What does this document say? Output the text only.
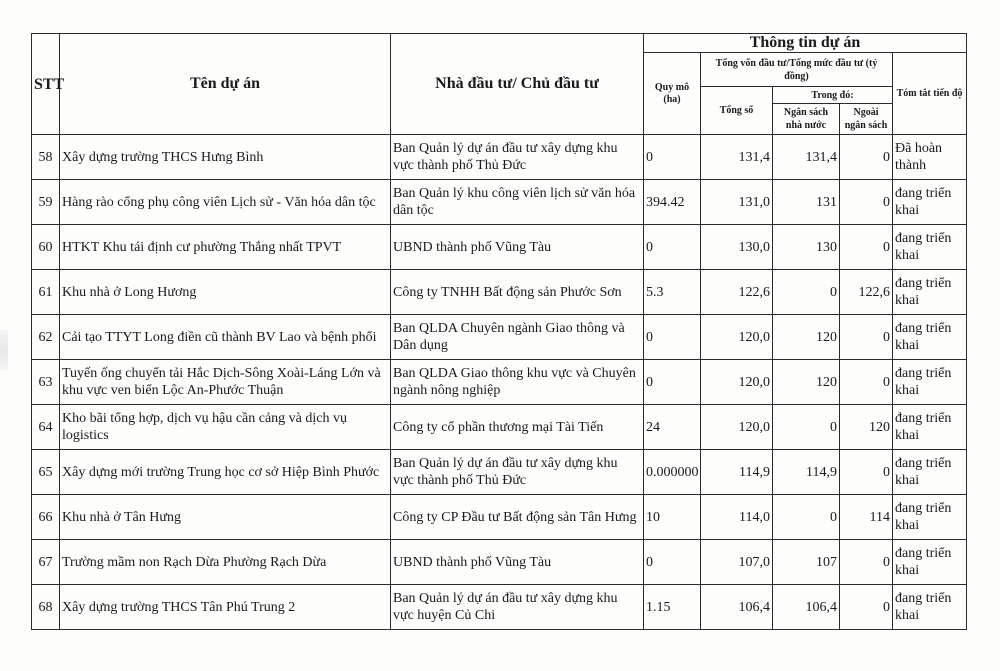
STT	Tên dự án	Nhà đầu tư/ Chủ đầu tư	Thông tin dự án				
			Quy mô (ha)	Tổng vốn đầu tư/Tổng mức đầu tư (tỷ đồng)			Tóm tắt tiến độ
				Tổng số	Trong đó:		
					Ngân sách nhà nước	Ngoài ngân sách	
58	Xây dựng trường THCS Hưng Bình	Ban Quản lý dự án đầu tư xây dựng khu vực thành phố Thủ Đức	0	131,4	131,4	0	Đã hoàn thành
59	Hàng rào cổng phụ công viên Lịch sử - Văn hóa dân tộc	Ban Quản lý khu công viên lịch sử văn hóa dân tộc	394.42	131,0	131	0	đang triển khai
60	HTKT Khu tái định cư phường Thắng nhất TPVT	UBND thành phố Vũng Tàu	0	130,0	130	0	đang triển khai
61	Khu nhà ở Long Hương	Công ty TNHH Bất động sản Phước Sơn	5.3	122,6	0	122,6	đang triển khai
62	Cải tạo TTYT Long điền cũ thành BV Lao và bệnh phổi	Ban QLDA Chuyên ngành Giao thông và Dân dụng	0	120,0	120	0	đang triển khai
63	Tuyến ống chuyển tải Hắc Dịch-Sông Xoài-Láng Lớn và khu vực ven biển Lộc An-Phước Thuận	Ban QLDA Giao thông khu vực và Chuyên ngành nông nghiệp	0	120,0	120	0	đang triển khai
64	Kho bãi tổng hợp, dịch vụ hậu cần cảng và dịch vụ logistics	Công ty cổ phần thương mại Tài Tiến	24	120,0	0	120	đang triển khai
65	Xây dựng mới trường Trung học cơ sở Hiệp Bình Phước	Ban Quản lý dự án đầu tư xây dựng khu vực thành phố Thủ Đức	0.000000	114,9	114,9	0	đang triển khai
66	Khu nhà ở Tân Hưng	Công ty CP Đầu tư Bất động sản Tân Hưng	10	114,0	0	114	đang triển khai
67	Trường mầm non Rạch Dừa Phường Rạch Dừa	UBND thành phố Vũng Tàu	0	107,0	107	0	đang triển khai
68	Xây dựng trường THCS Tân Phú Trung 2	Ban Quản lý dự án đầu tư xây dựng khu vực huyện Củ Chi	1.15	106,4	106,4	0	đang triển khai
